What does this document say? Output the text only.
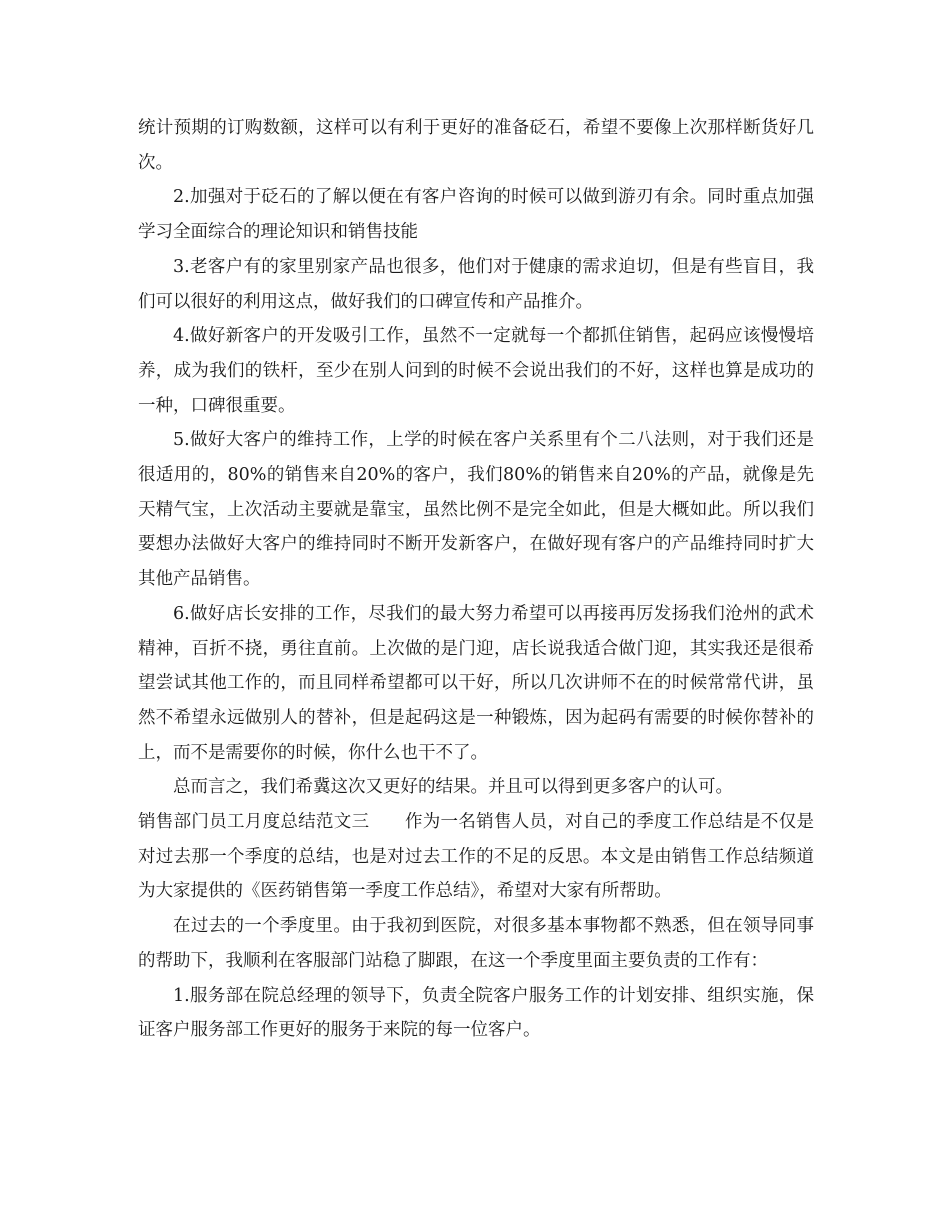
统计预期的订购数额，这样可以有利于更好的准备砭石，希望不要像上次那样断货好几次。

2.加强对于砭石的了解以便在有客户咨询的时候可以做到游刃有余。同时重点加强学习全面综合的理论知识和销售技能

3.老客户有的家里别家产品也很多，他们对于健康的需求迫切，但是有些盲目，我们可以很好的利用这点，做好我们的口碑宣传和产品推介。

4.做好新客户的开发吸引工作，虽然不一定就每一个都抓住销售，起码应该慢慢培养，成为我们的铁杆，至少在别人问到的时候不会说出我们的不好，这样也算是成功的一种，口碑很重要。

5.做好大客户的维持工作，上学的时候在客户关系里有个二八法则，对于我们还是很适用的，80%的销售来自20%的客户，我们80%的销售来自20%的产品，就像是先天精气宝，上次活动主要就是靠宝，虽然比例不是完全如此，但是大概如此。所以我们要想办法做好大客户的维持同时不断开发新客户，在做好现有客户的产品维持同时扩大其他产品销售。

6.做好店长安排的工作，尽我们的最大努力希望可以再接再厉发扬我们沧州的武术精神，百折不挠，勇往直前。上次做的是门迎，店长说我适合做门迎，其实我还是很希望尝试其他工作的，而且同样希望都可以干好，所以几次讲师不在的时候常常代讲，虽然不希望永远做别人的替补，但是起码这是一种锻炼，因为起码有需要的时候你替补的上，而不是需要你的时候，你什么也干不了。

总而言之，我们希冀这次又更好的结果。并且可以得到更多客户的认可。

销售部门员工月度总结范文三　　作为一名销售人员，对自己的季度工作总结是不仅是对过去那一个季度的总结，也是对过去工作的不足的反思。本文是由销售工作总结频道为大家提供的《医药销售第一季度工作总结》，希望对大家有所帮助。

在过去的一个季度里。由于我初到医院，对很多基本事物都不熟悉，但在领导同事的帮助下，我顺利在客服部门站稳了脚跟，在这一个季度里面主要负责的工作有：

1.服务部在院总经理的领导下，负责全院客户服务工作的计划安排、组织实施，保证客户服务部工作更好的服务于来院的每一位客户。
